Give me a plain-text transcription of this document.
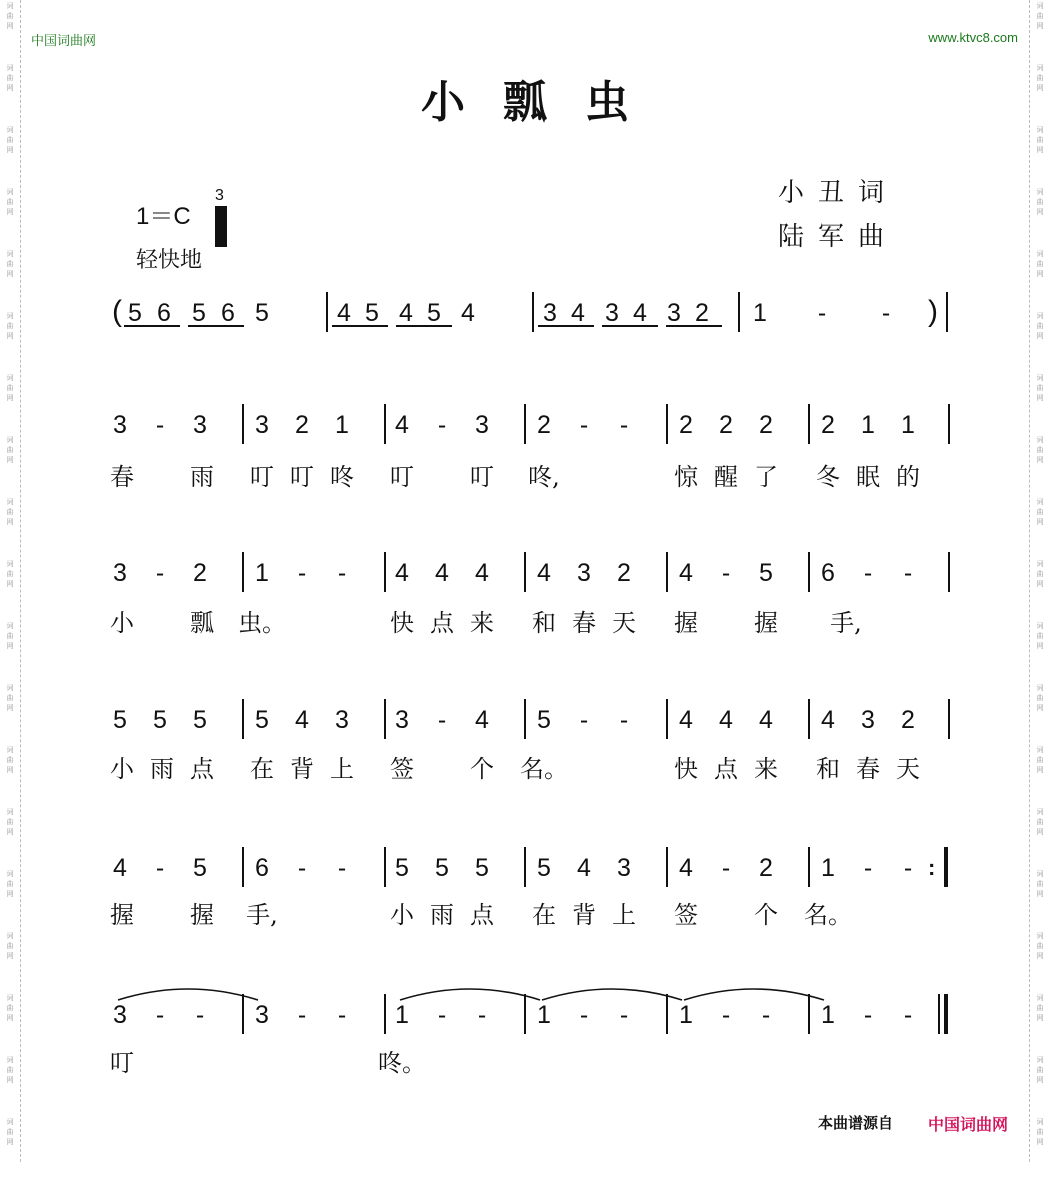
词
曲
网
词
曲
网
词
曲
网
词
曲
网
词
曲
网
词
曲
网
词
曲
网
词
曲
网
词
曲
网
词
曲
网
词
曲
网
词
曲
网
词
曲
网
词
曲
网
词
曲
网
词
曲
网
词
曲
网
词
曲
网
词
曲
网
词
曲
网
词
曲
网
词
曲
网
词
曲
网
词
曲
网
词
曲
网
词
曲
网
词
曲
网
词
曲
网
词
曲
网
词
曲
网
词
曲
网
词
曲
网
词
曲
网
词
曲
网
词
曲
网
词
曲
网
词
曲
网
词
曲
网
中国词曲网	www.ktvc8.com
小瓢虫
1＝C
3
轻快地
小丑词
陆军曲
5 6 5 6 5	4 5 4 5 4	3 4 3 4 3 2 1 - -
(	)
3 - 3 3 2 1 4 - 3 2 - - 2 2 2 2 1 1
春 雨 叮 叮 咚 叮 叮 咚,	惊 醒 了 冬 眠 的
3 - 2 1 - - 4 4 4 4 3 2 4 - 5 6 - -
小 瓢 虫。	快 点 来 和 春 天 握 握 手,
5 5 5 5 4 3 3 - 4 5 - - 4 4 4 4 3 2
小 雨 点 在 背 上 签 个 名。	快 点 来 和 春 天
4 - 5 6 - - 5 5 5 5 4 3 4 - 2 1 - - :
握 握 手,	小 雨 点 在 背 上 签 个 名。
3 - - 3 - - 1 - - 1 - - 1 - - 1 - -
叮	咚。
本曲谱源自 中国词曲网
